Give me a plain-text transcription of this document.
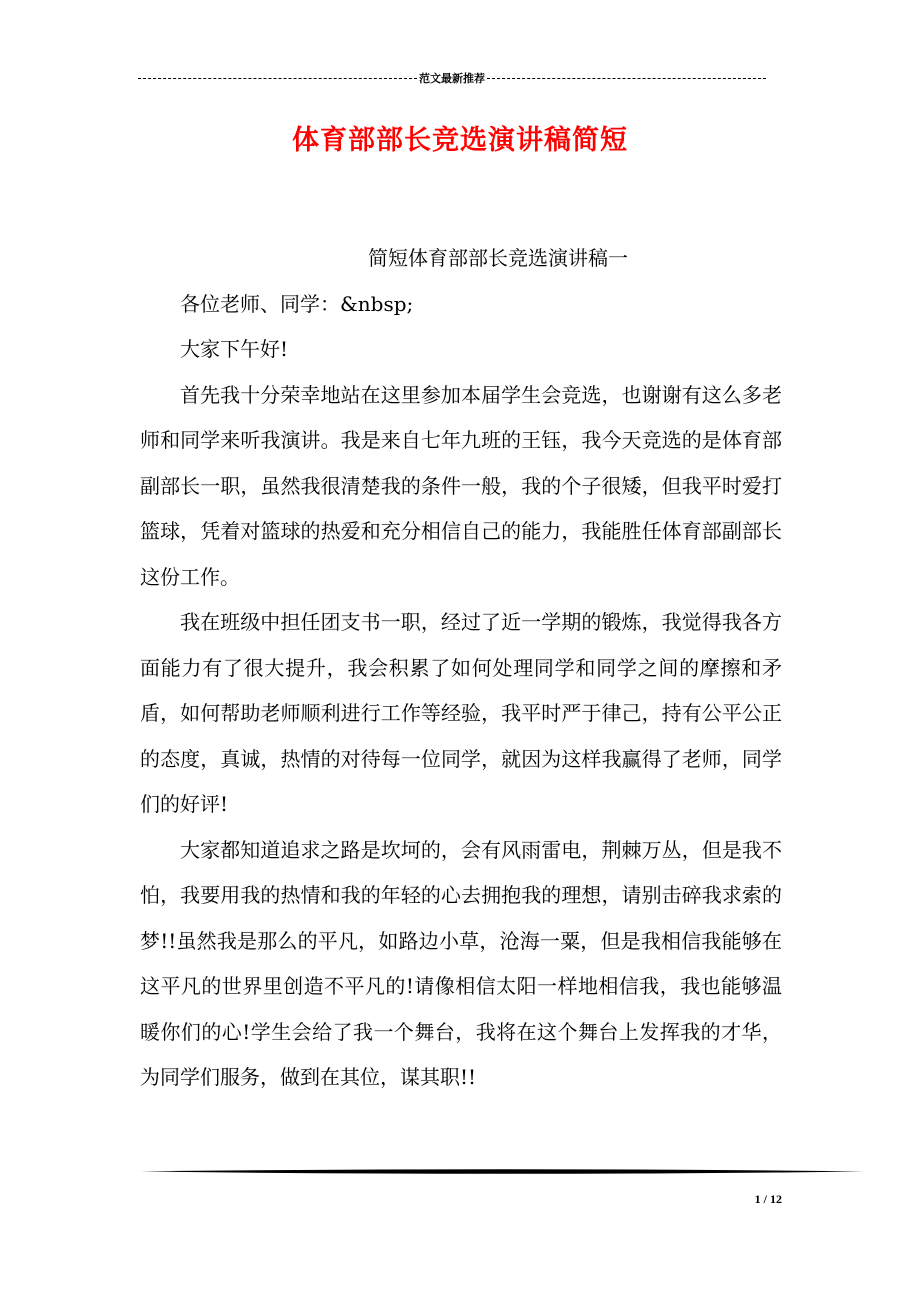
范文最新推荐
体育部部长竞选演讲稿简短

简短体育部部长竞选演讲稿一

各位老师、同学：&nbsp;

大家下午好!

首先我十分荣幸地站在这里参加本届学生会竞选，也谢谢有这么多老师和同学来听我演讲。我是来自七年九班的王钰，我今天竞选的是体育部副部长一职，虽然我很清楚我的条件一般，我的个子很矮，但我平时爱打篮球，凭着对篮球的热爱和充分相信自己的能力，我能胜任体育部副部长这份工作。

我在班级中担任团支书一职，经过了近一学期的锻炼，我觉得我各方面能力有了很大提升，我会积累了如何处理同学和同学之间的摩擦和矛盾，如何帮助老师顺利进行工作等经验，我平时严于律己，持有公平公正的态度，真诚，热情的对待每一位同学，就因为这样我赢得了老师，同学们的好评!

大家都知道追求之路是坎坷的，会有风雨雷电，荆棘万丛，但是我不怕，我要用我的热情和我的年轻的心去拥抱我的理想，请别击碎我求索的梦!!虽然我是那么的平凡，如路边小草，沧海一粟，但是我相信我能够在这平凡的世界里创造不平凡的!请像相信太阳一样地相信我，我也能够温暖你们的心!学生会给了我一个舞台，我将在这个舞台上发挥我的才华，为同学们服务，做到在其位，谋其职!!

1 / 12
